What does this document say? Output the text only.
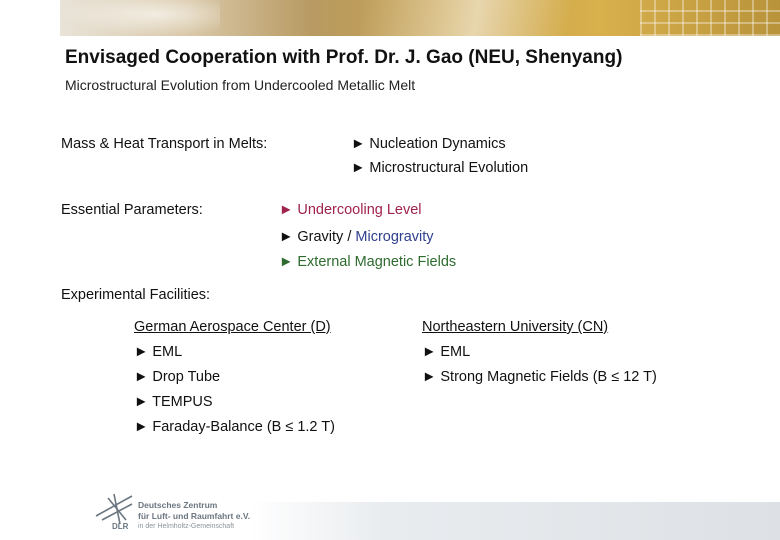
Envisaged Cooperation with Prof. Dr. J. Gao (NEU, Shenyang)
Microstructural Evolution from Undercooled Metallic Melt
Mass & Heat Transport in Melts:	► Nucleation Dynamics
► Microstructural Evolution
Essential Parameters:	► Undercooling Level
► Gravity / Microgravity
► External Magnetic Fields
Experimental Facilities:
German Aerospace Center (D)
► EML
► Drop Tube
► TEMPUS
► Faraday-Balance (B ≤ 1.2 T)
Northeastern University (CN)
► EML
► Strong Magnetic Fields (B ≤ 12 T)
DLR
Deutsches Zentrum
für Luft- und Raumfahrt e.V.
in der Helmholtz-Gemeinschaft
